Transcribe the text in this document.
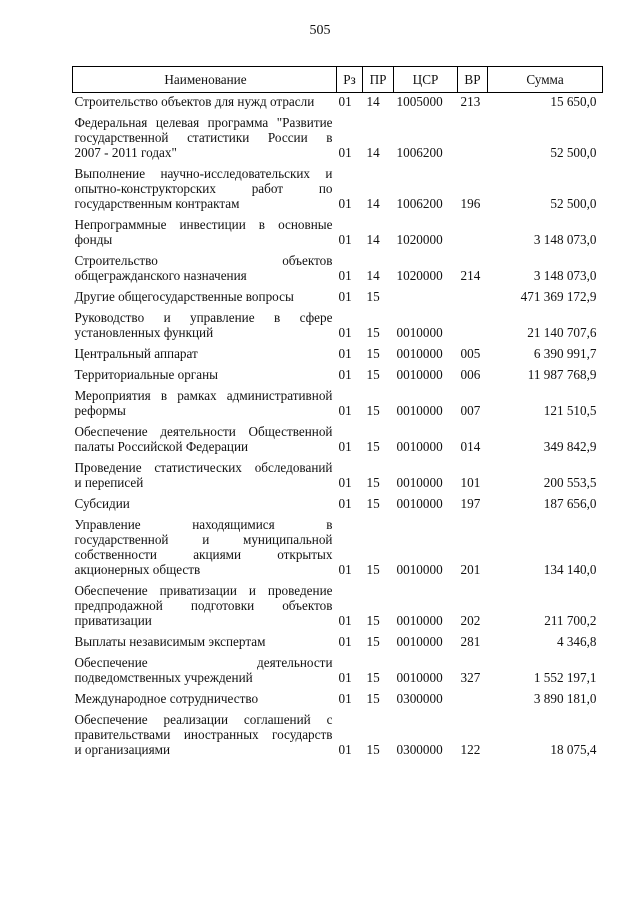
505
Наименование	Рз	ПР	ЦСР	ВР	Сумма

Строительство объектов для нужд отрасли	01	14	1005000	213	15 650,0

Федеральная целевая программа "Развитие
государственной статистики России в
2007 - 2011 годах"	01	14	1006200		52 500,0

Выполнение научно-исследовательских и
опытно-конструкторских работ по
государственным контрактам	01	14	1006200	196	52 500,0

Непрограммные инвестиции в основные
фонды	01	14	1020000		3 148 073,0

Строительство объектов
общегражданского назначения	01	14	1020000	214	3 148 073,0

Другие общегосударственные вопросы	01	15			471 369 172,9

Руководство и управление в сфере
установленных функций	01	15	0010000		21 140 707,6

Центральный аппарат	01	15	0010000	005	6 390 991,7

Территориальные органы	01	15	0010000	006	11 987 768,9

Мероприятия в рамках административной
реформы	01	15	0010000	007	121 510,5

Обеспечение деятельности Общественной
палаты Российской Федерации	01	15	0010000	014	349 842,9

Проведение статистических обследований
и переписей	01	15	0010000	101	200 553,5

Субсидии	01	15	0010000	197	187 656,0

Управление находящимися в
государственной и муниципальной
собственности акциями открытых
акционерных обществ	01	15	0010000	201	134 140,0

Обеспечение приватизации и проведение
предпродажной подготовки объектов
приватизации	01	15	0010000	202	211 700,2

Выплаты независимым экспертам	01	15	0010000	281	4 346,8

Обеспечение деятельности
подведомственных учреждений	01	15	0010000	327	1 552 197,1

Международное сотрудничество	01	15	0300000		3 890 181,0

Обеспечение реализации соглашений с
правительствами иностранных государств
и организациями	01	15	0300000	122	18 075,4
